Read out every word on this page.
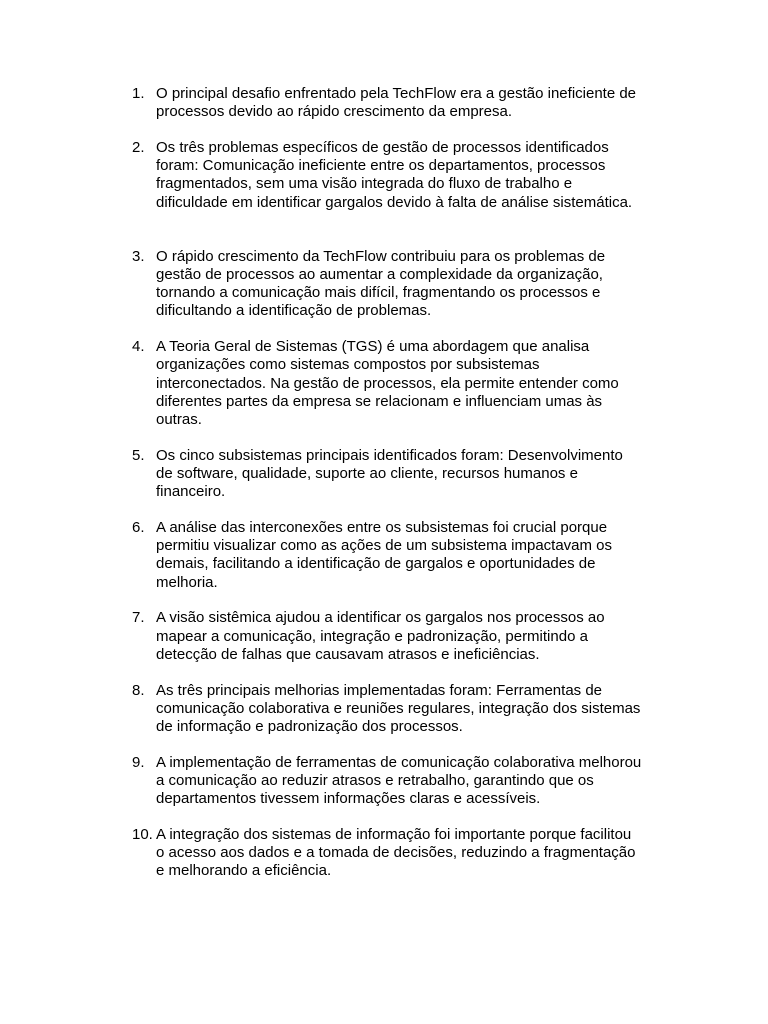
1. O principal desafio enfrentado pela TechFlow era a gestão ineficiente de
processos devido ao rápido crescimento da empresa.
2. Os três problemas específicos de gestão de processos identificados
foram: Comunicação ineficiente entre os departamentos, processos
fragmentados, sem uma visão integrada do fluxo de trabalho e
dificuldade em identificar gargalos devido à falta de análise sistemática.
3. O rápido crescimento da TechFlow contribuiu para os problemas de
gestão de processos ao aumentar a complexidade da organização,
tornando a comunicação mais difícil, fragmentando os processos e
dificultando a identificação de problemas.
4. A Teoria Geral de Sistemas (TGS) é uma abordagem que analisa
organizações como sistemas compostos por subsistemas
interconectados. Na gestão de processos, ela permite entender como
diferentes partes da empresa se relacionam e influenciam umas às
outras.
5. Os cinco subsistemas principais identificados foram: Desenvolvimento
de software, qualidade, suporte ao cliente, recursos humanos e
financeiro.
6. A análise das interconexões entre os subsistemas foi crucial porque
permitiu visualizar como as ações de um subsistema impactavam os
demais, facilitando a identificação de gargalos e oportunidades de
melhoria.
7. A visão sistêmica ajudou a identificar os gargalos nos processos ao
mapear a comunicação, integração e padronização, permitindo a
detecção de falhas que causavam atrasos e ineficiências.
8. As três principais melhorias implementadas foram: Ferramentas de
comunicação colaborativa e reuniões regulares, integração dos sistemas
de informação e padronização dos processos.
9. A implementação de ferramentas de comunicação colaborativa melhorou
a comunicação ao reduzir atrasos e retrabalho, garantindo que os
departamentos tivessem informações claras e acessíveis.
10. A integração dos sistemas de informação foi importante porque facilitou
o acesso aos dados e a tomada de decisões, reduzindo a fragmentação
e melhorando a eficiência.
